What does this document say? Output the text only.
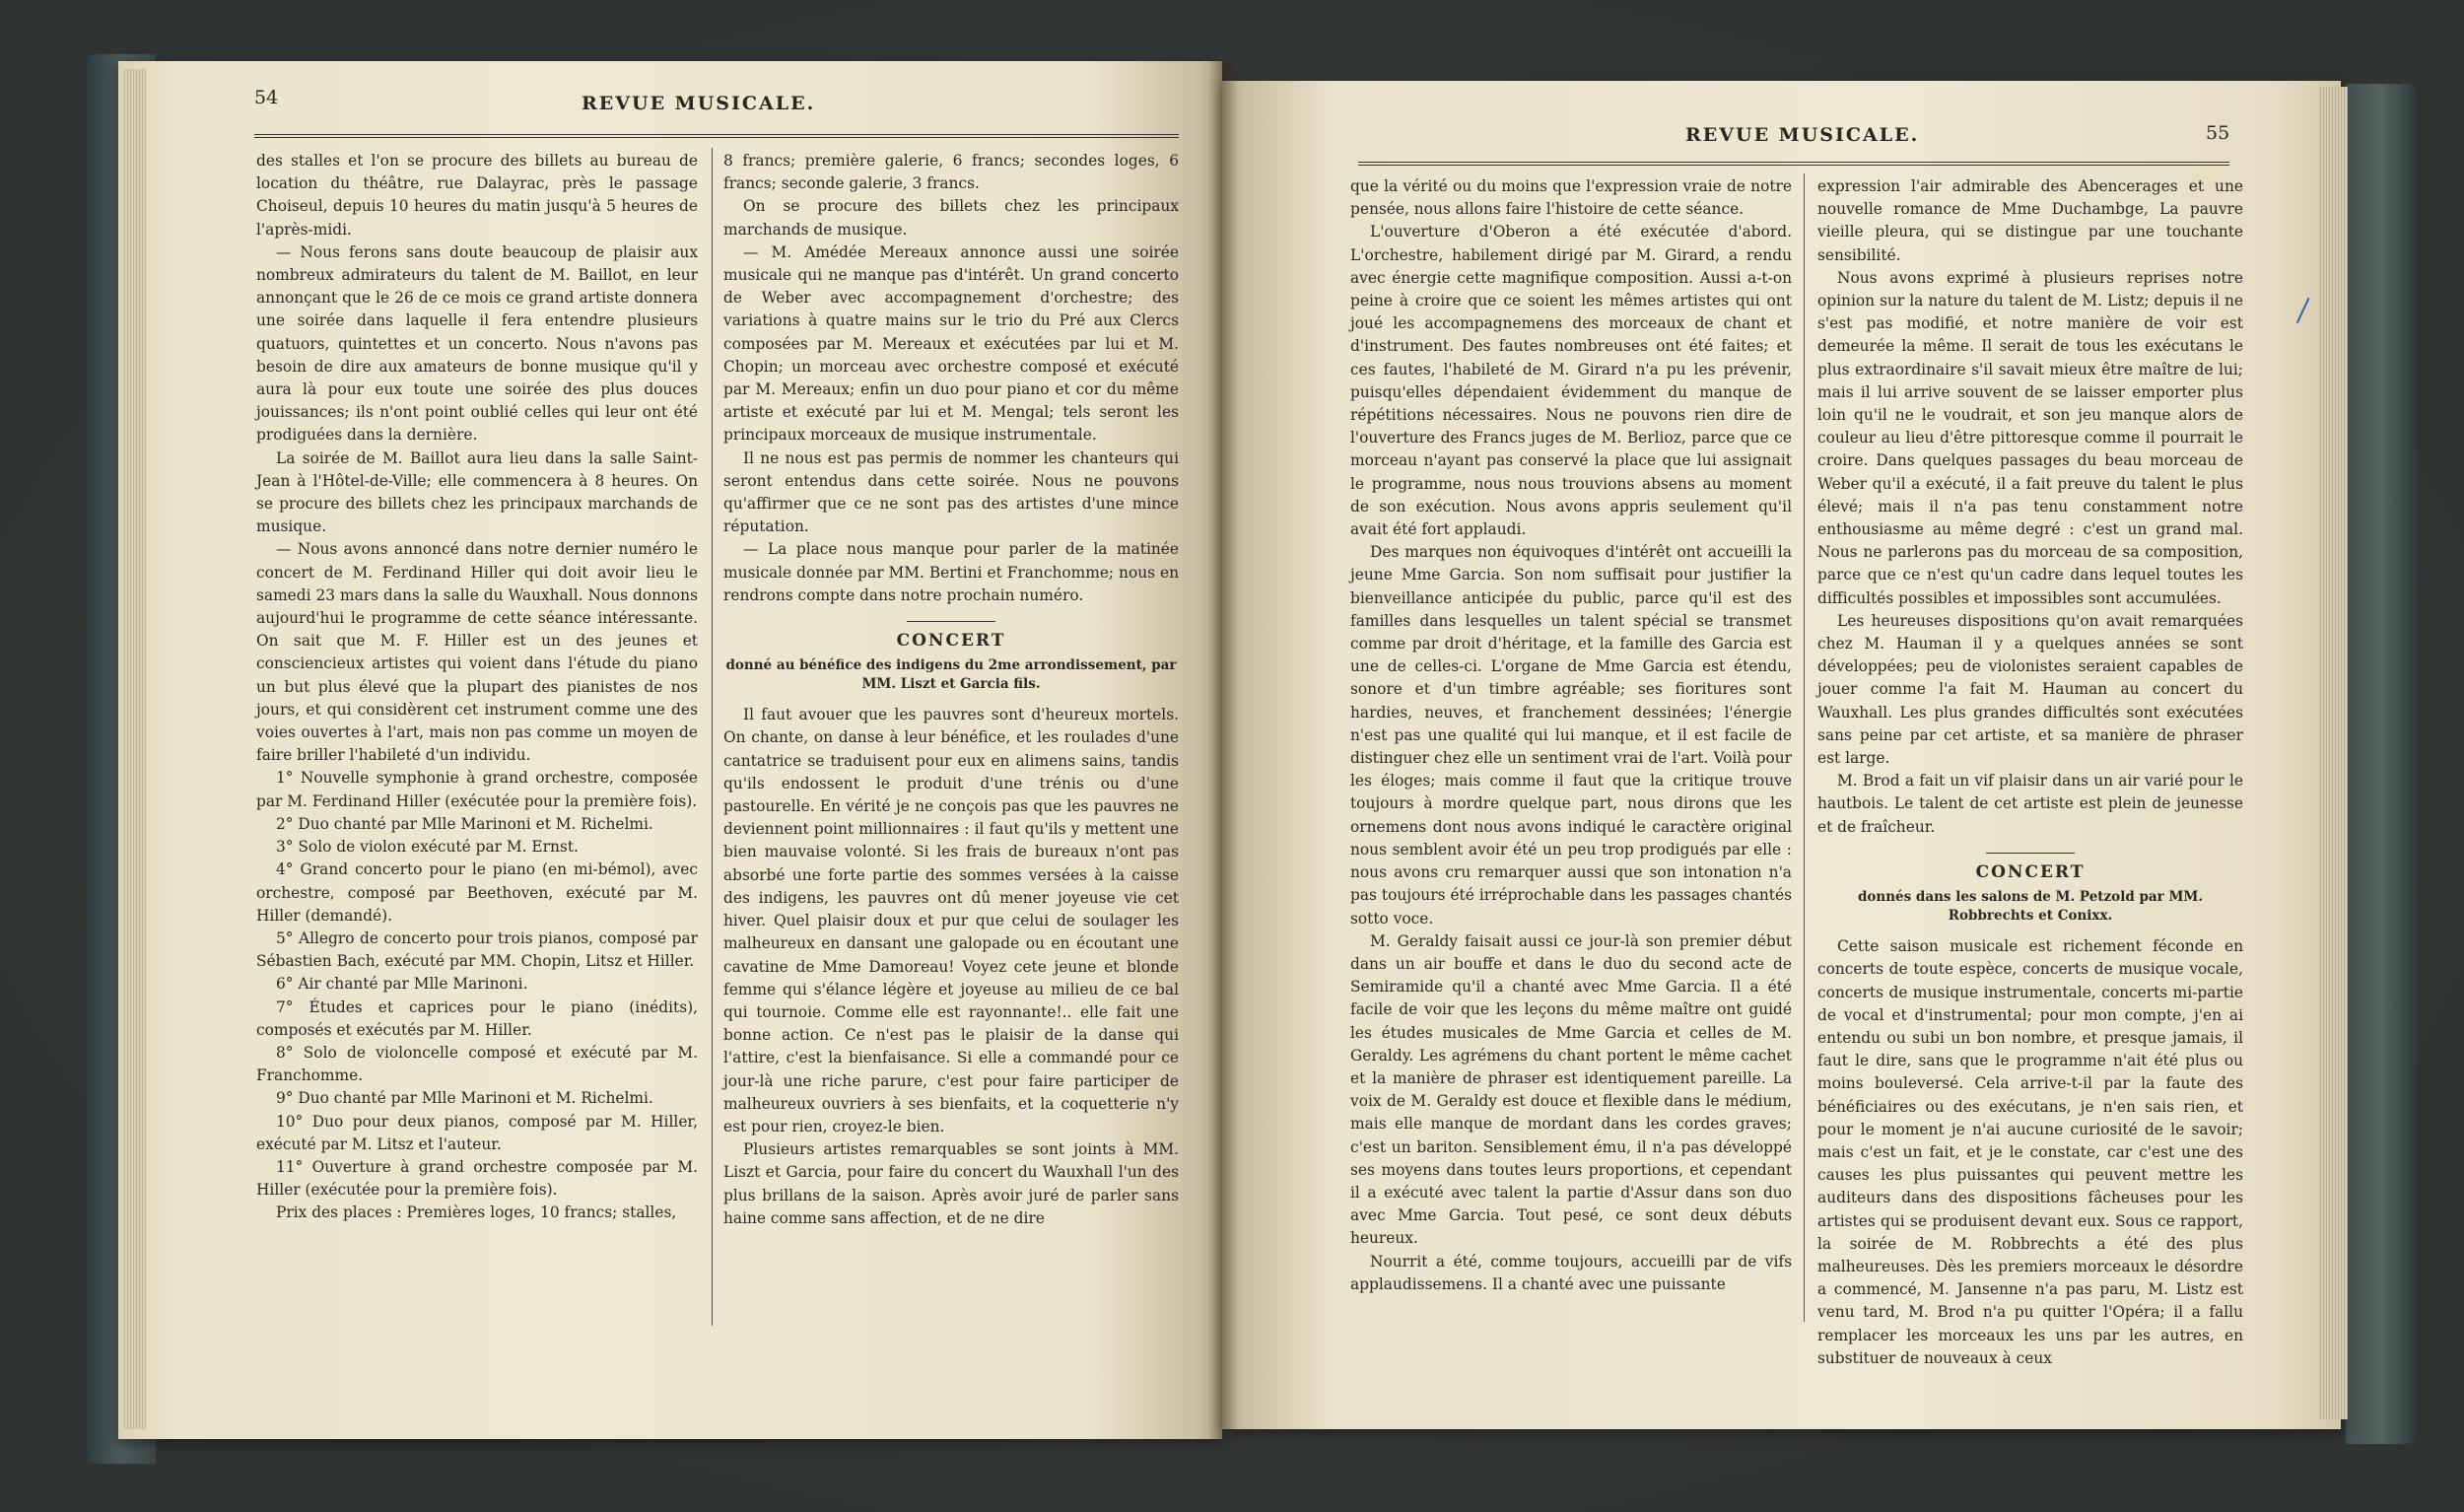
54	REVUE MUSICALE.

des stalles et l'on se procure des billets au bureau de location du théâtre, rue Dalayrac, près le passage Choiseul, depuis 10 heures du matin jusqu'à 5 heures de l'après-midi.

— Nous ferons sans doute beaucoup de plaisir aux nombreux admirateurs du talent de M. Baillot, en leur annonçant que le 26 de ce mois ce grand artiste donnera une soirée dans laquelle il fera entendre plusieurs quatuors, quintettes et un concerto. Nous n'avons pas besoin de dire aux amateurs de bonne musique qu'il y aura là pour eux toute une soirée des plus douces jouissances; ils n'ont point oublié celles qui leur ont été prodiguées dans la dernière.

La soirée de M. Baillot aura lieu dans la salle Saint-Jean à l'Hôtel-de-Ville; elle commencera à 8 heures. On se procure des billets chez les principaux marchands de musique.

— Nous avons annoncé dans notre dernier numéro le concert de M. Ferdinand Hiller qui doit avoir lieu le samedi 23 mars dans la salle du Wauxhall. Nous donnons aujourd'hui le programme de cette séance intéressante. On sait que M. F. Hiller est un des jeunes et consciencieux artistes qui voient dans l'étude du piano un but plus élevé que la plupart des pianistes de nos jours, et qui considèrent cet instrument comme une des voies ouvertes à l'art, mais non pas comme un moyen de faire briller l'habileté d'un individu.

1° Nouvelle symphonie à grand orchestre, composée par M. Ferdinand Hiller (exécutée pour la première fois).

2° Duo chanté par Mlle Marinoni et M. Richelmi.

3° Solo de violon exécuté par M. Ernst.

4° Grand concerto pour le piano (en mi-bémol), avec orchestre, composé par Beethoven, exécuté par M. Hiller (demandé).

5° Allegro de concerto pour trois pianos, composé par Sébastien Bach, exécuté par MM. Chopin, Litsz et Hiller.

6° Air chanté par Mlle Marinoni.

7° Études et caprices pour le piano (inédits), composés et exécutés par M. Hiller.

8° Solo de violoncelle composé et exécuté par M. Franchomme.

9° Duo chanté par Mlle Marinoni et M. Richelmi.

10° Duo pour deux pianos, composé par M. Hiller, exécuté par M. Litsz et l'auteur.

11° Ouverture à grand orchestre composée par M. Hiller (exécutée pour la première fois).

Prix des places : Premières loges, 10 francs; stalles,

8 francs; première galerie, 6 francs; secondes loges, 6 francs; seconde galerie, 3 francs.

On se procure des billets chez les principaux marchands de musique.

— M. Amédée Mereaux annonce aussi une soirée musicale qui ne manque pas d'intérêt. Un grand concerto de Weber avec accompagnement d'orchestre; des variations à quatre mains sur le trio du Pré aux Clercs composées par M. Mereaux et exécutées par lui et M. Chopin; un morceau avec orchestre composé et exécuté par M. Mereaux; enfin un duo pour piano et cor du même artiste et exécuté par lui et M. Mengal; tels seront les principaux morceaux de musique instrumentale.

Il ne nous est pas permis de nommer les chanteurs qui seront entendus dans cette soirée. Nous ne pouvons qu'affirmer que ce ne sont pas des artistes d'une mince réputation.

— La place nous manque pour parler de la matinée musicale donnée par MM. Bertini et Franchomme; nous en rendrons compte dans notre prochain numéro.

CONCERT
donné au bénéfice des indigens du 2me arrondissement, par MM. Liszt et Garcia fils.

Il faut avouer que les pauvres sont d'heureux mortels. On chante, on danse à leur bénéfice, et les roulades d'une cantatrice se traduisent pour eux en alimens sains, tandis qu'ils endossent le produit d'une trénis ou d'une pastourelle. En vérité je ne conçois pas que les pauvres ne deviennent point millionnaires : il faut qu'ils y mettent une bien mauvaise volonté. Si les frais de bureaux n'ont pas absorbé une forte partie des sommes versées à la caisse des indigens, les pauvres ont dû mener joyeuse vie cet hiver. Quel plaisir doux et pur que celui de soulager les malheureux en dansant une galopade ou en écoutant une cavatine de Mme Damoreau! Voyez cete jeune et blonde femme qui s'élance légère et joyeuse au milieu de ce bal qui tournoie. Comme elle est rayonnante!.. elle fait une bonne action. Ce n'est pas le plaisir de la danse qui l'attire, c'est la bienfaisance. Si elle a commandé pour ce jour-là une riche parure, c'est pour faire participer de malheureux ouvriers à ses bienfaits, et la coquetterie n'y est pour rien, croyez-le bien.

Plusieurs artistes remarquables se sont joints à MM. Liszt et Garcia, pour faire du concert du Wauxhall l'un des plus brillans de la saison. Après avoir juré de parler sans haine comme sans affection, et de ne dire

REVUE MUSICALE.	55

que la vérité ou du moins que l'expression vraie de notre pensée, nous allons faire l'histoire de cette séance.

L'ouverture d'Oberon a été exécutée d'abord. L'orchestre, habilement dirigé par M. Girard, a rendu avec énergie cette magnifique composition. Aussi a-t-on peine à croire que ce soient les mêmes artistes qui ont joué les accompagnemens des morceaux de chant et d'instrument. Des fautes nombreuses ont été faites; et ces fautes, l'habileté de M. Girard n'a pu les prévenir, puisqu'elles dépendaient évidemment du manque de répétitions nécessaires. Nous ne pouvons rien dire de l'ouverture des Francs juges de M. Berlioz, parce que ce morceau n'ayant pas conservé la place que lui assignait le programme, nous nous trouvions absens au moment de son exécution. Nous avons appris seulement qu'il avait été fort applaudi.

Des marques non équivoques d'intérêt ont accueilli la jeune Mme Garcia. Son nom suffisait pour justifier la bienveillance anticipée du public, parce qu'il est des familles dans lesquelles un talent spécial se transmet comme par droit d'héritage, et la famille des Garcia est une de celles-ci. L'organe de Mme Garcia est étendu, sonore et d'un timbre agréable; ses fioritures sont hardies, neuves, et franchement dessinées; l'énergie n'est pas une qualité qui lui manque, et il est facile de distinguer chez elle un sentiment vrai de l'art. Voilà pour les éloges; mais comme il faut que la critique trouve toujours à mordre quelque part, nous dirons que les ornemens dont nous avons indiqué le caractère original nous semblent avoir été un peu trop prodigués par elle : nous avons cru remarquer aussi que son intonation n'a pas toujours été irréprochable dans les passages chantés sotto voce.

M. Geraldy faisait aussi ce jour-là son premier début dans un air bouffe et dans le duo du second acte de Semiramide qu'il a chanté avec Mme Garcia. Il a été facile de voir que les leçons du même maître ont guidé les études musicales de Mme Garcia et celles de M. Geraldy. Les agrémens du chant portent le même cachet et la manière de phraser est identiquement pareille. La voix de M. Geraldy est douce et flexible dans le médium, mais elle manque de mordant dans les cordes graves; c'est un bariton. Sensiblement ému, il n'a pas développé ses moyens dans toutes leurs proportions, et cependant il a exécuté avec talent la partie d'Assur dans son duo avec Mme Garcia. Tout pesé, ce sont deux débuts heureux.

Nourrit a été, comme toujours, accueilli par de vifs applaudissemens. Il a chanté avec une puissante

expression l'air admirable des Abencerages et une nouvelle romance de Mme Duchambge, La pauvre vieille pleura, qui se distingue par une touchante sensibilité.

Nous avons exprimé à plusieurs reprises notre opinion sur la nature du talent de M. Listz; depuis il ne s'est pas modifié, et notre manière de voir est demeurée la même. Il serait de tous les exécutans le plus extraordinaire s'il savait mieux être maître de lui; mais il lui arrive souvent de se laisser emporter plus loin qu'il ne le voudrait, et son jeu manque alors de couleur au lieu d'être pittoresque comme il pourrait le croire. Dans quelques passages du beau morceau de Weber qu'il a exécuté, il a fait preuve du talent le plus élevé; mais il n'a pas tenu constamment notre enthousiasme au même degré : c'est un grand mal. Nous ne parlerons pas du morceau de sa composition, parce que ce n'est qu'un cadre dans lequel toutes les difficultés possibles et impossibles sont accumulées.

Les heureuses dispositions qu'on avait remarquées chez M. Hauman il y a quelques années se sont développées; peu de violonistes seraient capables de jouer comme l'a fait M. Hauman au concert du Wauxhall. Les plus grandes difficultés sont exécutées sans peine par cet artiste, et sa manière de phraser est large.

M. Brod a fait un vif plaisir dans un air varié pour le hautbois. Le talent de cet artiste est plein de jeunesse et de fraîcheur.

CONCERT
donnés dans les salons de M. Petzold par MM. Robbrechts et Conixx.

Cette saison musicale est richement féconde en concerts de toute espèce, concerts de musique vocale, concerts de musique instrumentale, concerts mi-partie de vocal et d'instrumental; pour mon compte, j'en ai entendu ou subi un bon nombre, et presque jamais, il faut le dire, sans que le programme n'ait été plus ou moins bouleversé. Cela arrive-t-il par la faute des bénéficiaires ou des exécutans, je n'en sais rien, et pour le moment je n'ai aucune curiosité de le savoir; mais c'est un fait, et je le constate, car c'est une des causes les plus puissantes qui peuvent mettre les auditeurs dans des dispositions fâcheuses pour les artistes qui se produisent devant eux. Sous ce rapport, la soirée de M. Robbrechts a été des plus malheureuses. Dès les premiers morceaux le désordre a commencé, M. Jansenne n'a pas paru, M. Listz est venu tard, M. Brod n'a pu quitter l'Opéra; il a fallu remplacer les morceaux les uns par les autres, en substituer de nouveaux à ceux
